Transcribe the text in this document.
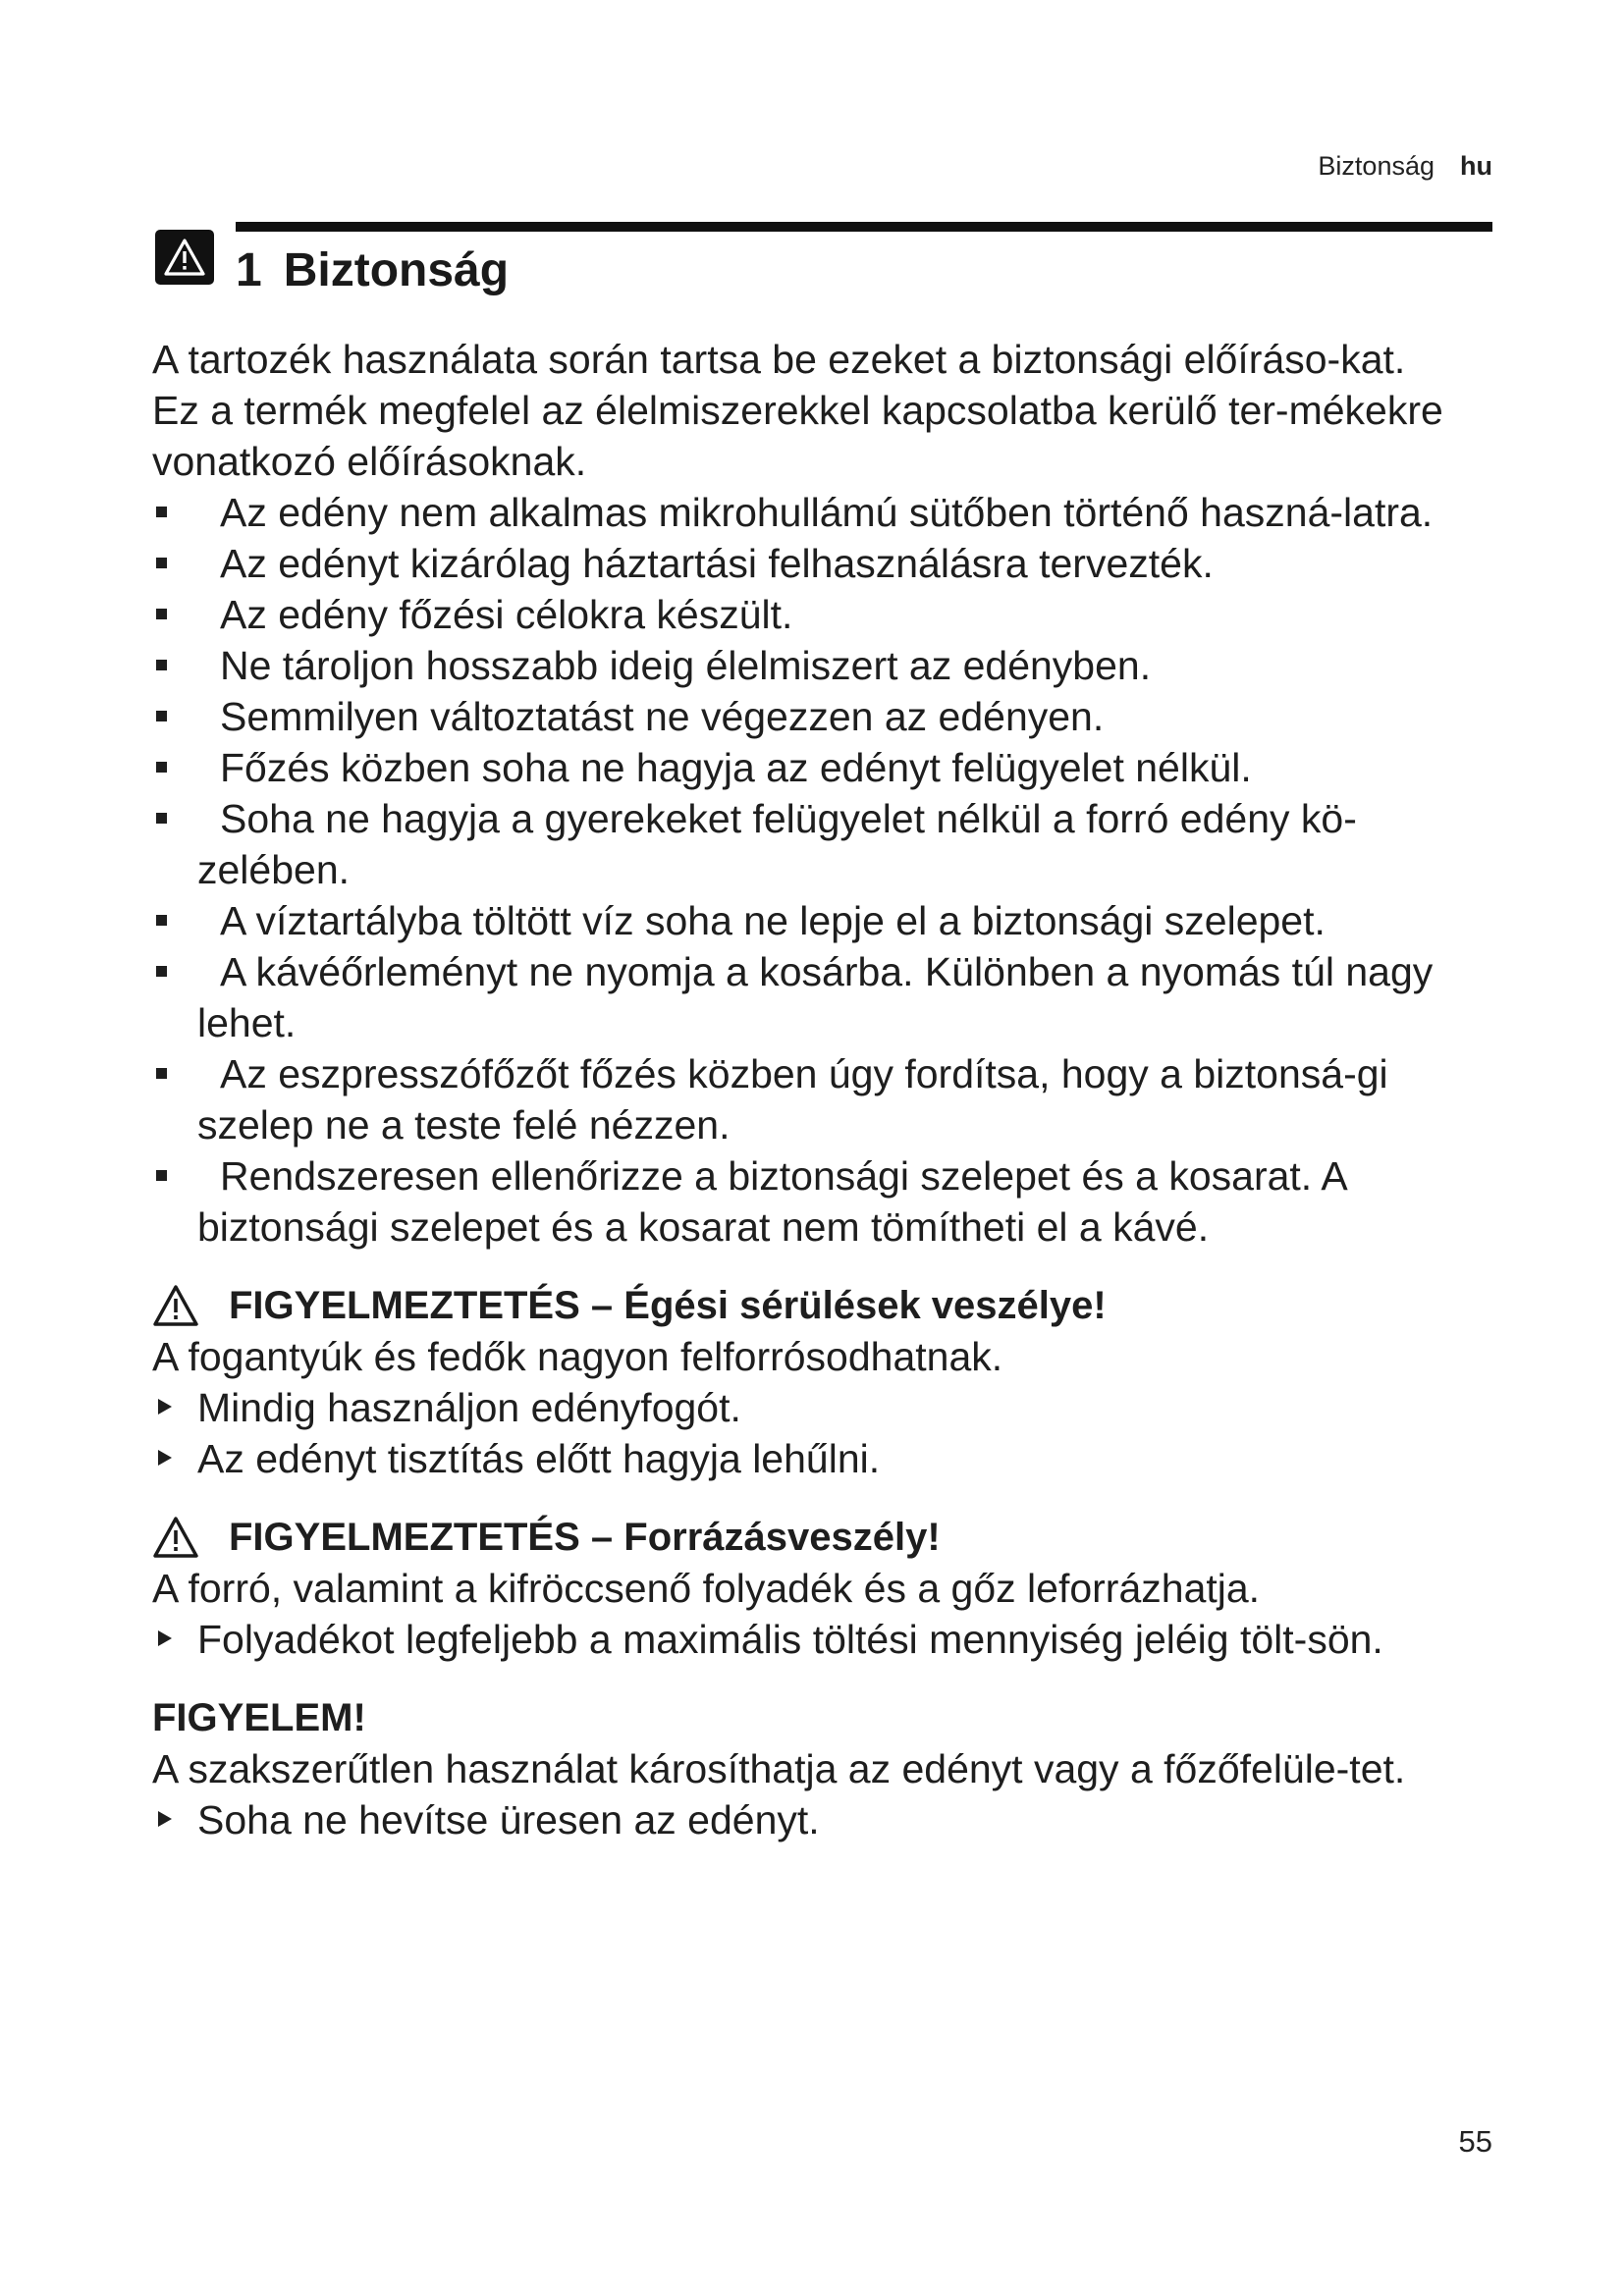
Biztonság hu
1 Biztonság

A tartozék használata során tartsa be ezeket a biztonsági előíráso-kat.

Ez a termék megfelel az élelmiszerekkel kapcsolatba kerülő ter-mékekre vonatkozó előírásoknak.

Az edény nem alkalmas mikrohullámú sütőben történő haszná-latra.
Az edényt kizárólag háztartási felhasználásra tervezték.
Az edény főzési célokra készült.
Ne tároljon hosszabb ideig élelmiszert az edényben.
Semmilyen változtatást ne végezzen az edényen.
Főzés közben soha ne hagyja az edényt felügyelet nélkül.
Soha ne hagyja a gyerekeket felügyelet nélkül a forró edény kö-zelében.
A víztartályba töltött víz soha ne lepje el a biztonsági szelepet.
A kávéőrleményt ne nyomja a kosárba. Különben a nyomás túl nagy lehet.
Az eszpresszófőzőt főzés közben úgy fordítsa, hogy a biztonsá-gi szelep ne a teste felé nézzen.
Rendszeresen ellenőrizze a biztonsági szelepet és a kosarat. A biztonsági szelepet és a kosarat nem tömítheti el a kávé.
FIGYELMEZTETÉS – Égési sérülések veszélye!

A fogantyúk és fedők nagyon felforrósodhatnak.

Mindig használjon edényfogót.
Az edényt tisztítás előtt hagyja lehűlni.
FIGYELMEZTETÉS – Forrázásveszély!

A forró, valamint a kifröccsenő folyadék és a gőz leforrázhatja.

Folyadékot legfeljebb a maximális töltési mennyiség jeléig tölt-sön.
FIGYELEM!

A szakszerűtlen használat károsíthatja az edényt vagy a főzőfelüle-tet.

Soha ne hevítse üresen az edényt.
55
